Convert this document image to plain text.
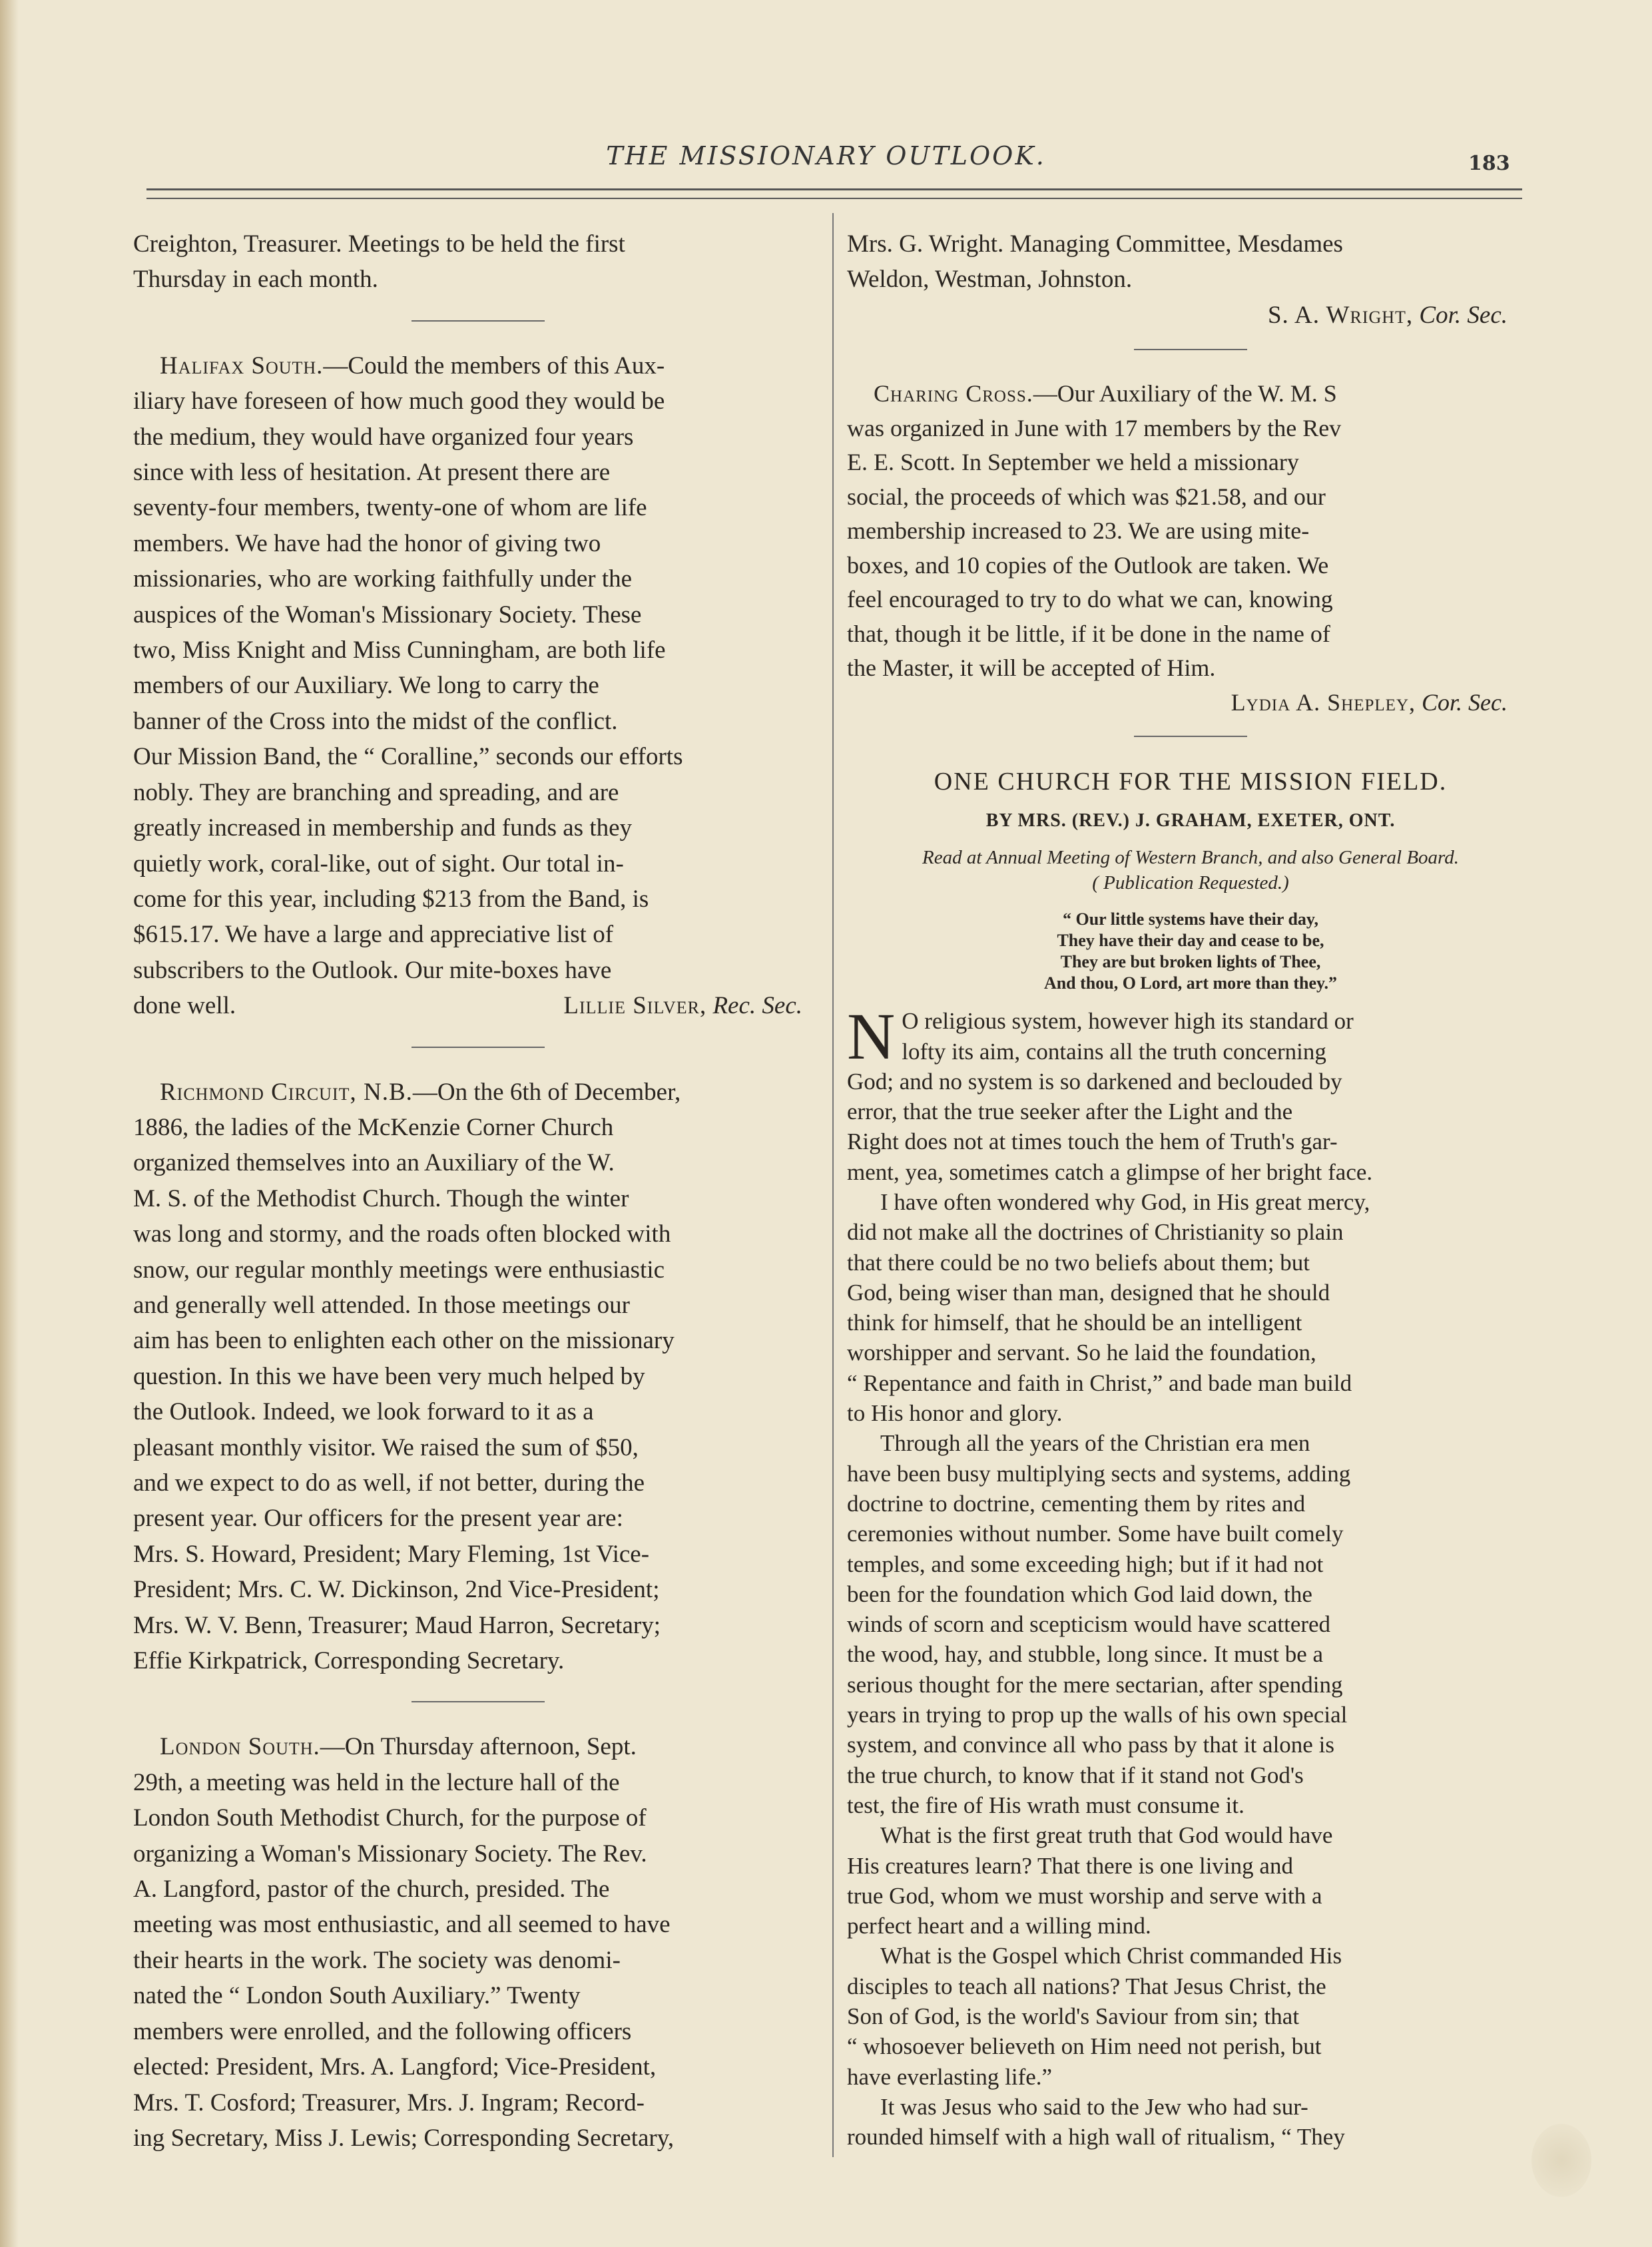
THE MISSIONARY OUTLOOK.	183
Creighton, Treasurer. Meetings to be held the first
Thursday in each month.
Halifax South.—Could the members of this Aux-
iliary have foreseen of how much good they would be
the medium, they would have organized four years
since with less of hesitation. At present there are
seventy-four members, twenty-one of whom are life
members. We have had the honor of giving two
missionaries, who are working faithfully under the
auspices of the Woman's Missionary Society. These
two, Miss Knight and Miss Cunningham, are both life
members of our Auxiliary. We long to carry the
banner of the Cross into the midst of the conflict.
Our Mission Band, the “ Coralline,” seconds our efforts
nobly. They are branching and spreading, and are
greatly increased in membership and funds as they
quietly work, coral-like, out of sight. Our total in-
come for this year, including $213 from the Band, is
$615.17. We have a large and appreciative list of
subscribers to the Outlook. Our mite-boxes have
done well.	Lillie Silver, Rec. Sec.
Richmond Circuit, N.B.—On the 6th of December,
1886, the ladies of the McKenzie Corner Church
organized themselves into an Auxiliary of the W.
M. S. of the Methodist Church. Though the winter
was long and stormy, and the roads often blocked with
snow, our regular monthly meetings were enthusiastic
and generally well attended. In those meetings our
aim has been to enlighten each other on the missionary
question. In this we have been very much helped by
the Outlook. Indeed, we look forward to it as a
pleasant monthly visitor. We raised the sum of $50,
and we expect to do as well, if not better, during the
present year. Our officers for the present year are:
Mrs. S. Howard, President; Mary Fleming, 1st Vice-
President; Mrs. C. W. Dickinson, 2nd Vice-President;
Mrs. W. V. Benn, Treasurer; Maud Harron, Secretary;
Effie Kirkpatrick, Corresponding Secretary.
London South.—On Thursday afternoon, Sept.
29th, a meeting was held in the lecture hall of the
London South Methodist Church, for the purpose of
organizing a Woman's Missionary Society. The Rev.
A. Langford, pastor of the church, presided. The
meeting was most enthusiastic, and all seemed to have
their hearts in the work. The society was denomi-
nated the “ London South Auxiliary.” Twenty
members were enrolled, and the following officers
elected: President, Mrs. A. Langford; Vice-President,
Mrs. T. Cosford; Treasurer, Mrs. J. Ingram; Record-
ing Secretary, Miss J. Lewis; Corresponding Secretary,
Mrs. G. Wright. Managing Committee, Mesdames
Weldon, Westman, Johnston.
S. A. Wright, Cor. Sec.
Charing Cross.—Our Auxiliary of the W. M. S
was organized in June with 17 members by the Rev
E. E. Scott. In September we held a missionary
social, the proceeds of which was $21.58, and our
membership increased to 23. We are using mite-
boxes, and 10 copies of the Outlook are taken. We
feel encouraged to try to do what we can, knowing
that, though it be little, if it be done in the name of
the Master, it will be accepted of Him.
Lydia A. Shepley, Cor. Sec.
ONE CHURCH FOR THE MISSION FIELD.
BY MRS. (REV.) J. GRAHAM, EXETER, ONT.
Read at Annual Meeting of Western Branch, and also General Board.
( Publication Requested.)
“ Our little systems have their day,
They have their day and cease to be,
They are but broken lights of Thee,
And thou, O Lord, art more than they.”
N O religious system, however high its standard or
lofty its aim, contains all the truth concerning
God; and no system is so darkened and beclouded by
error, that the true seeker after the Light and the
Right does not at times touch the hem of Truth's gar-
ment, yea, sometimes catch a glimpse of her bright face.
I have often wondered why God, in His great mercy,
did not make all the doctrines of Christianity so plain
that there could be no two beliefs about them; but
God, being wiser than man, designed that he should
think for himself, that he should be an intelligent
worshipper and servant. So he laid the foundation,
“ Repentance and faith in Christ,” and bade man build
to His honor and glory.
Through all the years of the Christian era men
have been busy multiplying sects and systems, adding
doctrine to doctrine, cementing them by rites and
ceremonies without number. Some have built comely
temples, and some exceeding high; but if it had not
been for the foundation which God laid down, the
winds of scorn and scepticism would have scattered
the wood, hay, and stubble, long since. It must be a
serious thought for the mere sectarian, after spending
years in trying to prop up the walls of his own special
system, and convince all who pass by that it alone is
the true church, to know that if it stand not God's
test, the fire of His wrath must consume it.
What is the first great truth that God would have
His creatures learn? That there is one living and
true God, whom we must worship and serve with a
perfect heart and a willing mind.
What is the Gospel which Christ commanded His
disciples to teach all nations? That Jesus Christ, the
Son of God, is the world's Saviour from sin; that
“ whosoever believeth on Him need not perish, but
have everlasting life.”
It was Jesus who said to the Jew who had sur-
rounded himself with a high wall of ritualism, “ They
